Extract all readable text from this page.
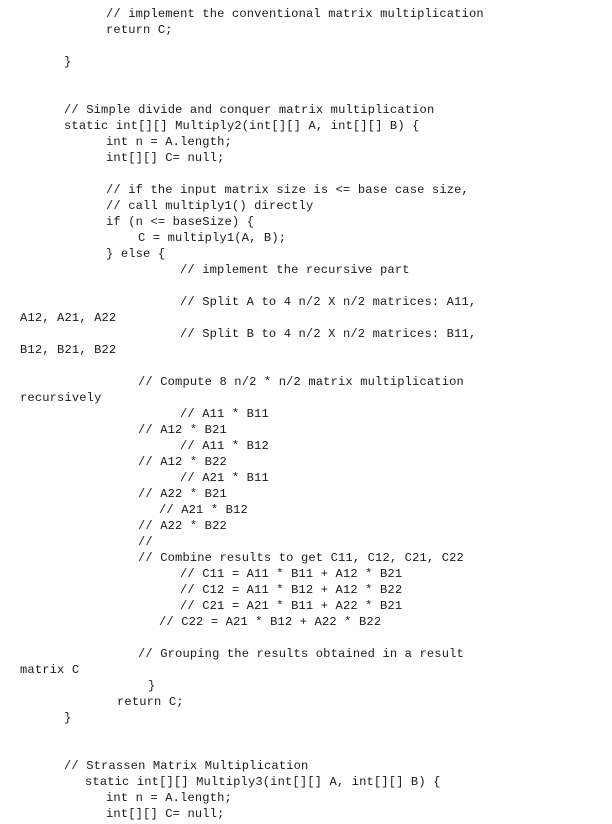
// implement the conventional matrix multiplication
return C;
}
// Simple divide and conquer matrix multiplication
static int[][] Multiply2(int[][] A, int[][] B) {
int n = A.length;
int[][] C= null;
// if the input matrix size is <= base case size,
// call multiply1() directly
if (n <= baseSize) {
C = multiply1(A, B);
} else {
// implement the recursive part
// Split A to 4 n/2 X n/2 matrices: A11,
A12, A21, A22
// Split B to 4 n/2 X n/2 matrices: B11,
B12, B21, B22
// Compute 8 n/2 * n/2 matrix multiplication
recursively
// A11 * B11
// A12 * B21
// A11 * B12
// A12 * B22
// A21 * B11
// A22 * B21
// A21 * B12
// A22 * B22
//
// Combine results to get C11, C12, C21, C22
// C11 = A11 * B11 + A12 * B21
// C12 = A11 * B12 + A12 * B22
// C21 = A21 * B11 + A22 * B21
// C22 = A21 * B12 + A22 * B22
// Grouping the results obtained in a result
matrix C
}
return C;
}
// Strassen Matrix Multiplication
static int[][] Multiply3(int[][] A, int[][] B) {
int n = A.length;
int[][] C= null;
